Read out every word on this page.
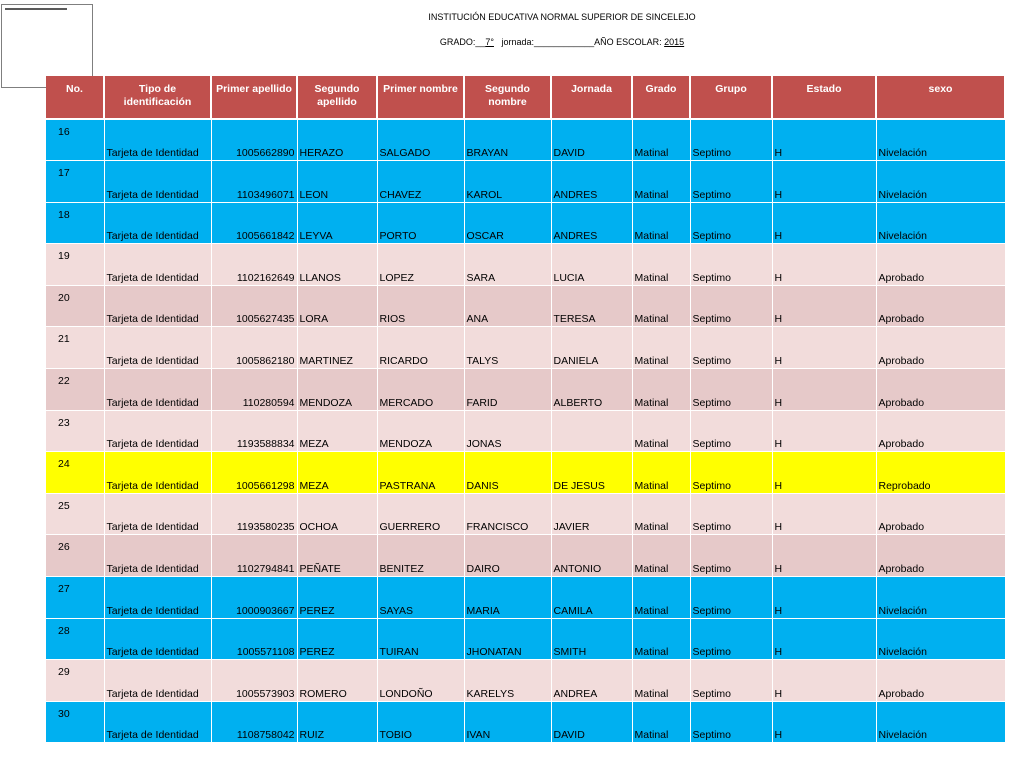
INSTITUCIÓN EDUCATIVA NORMAL SUPERIOR DE SINCELEJO
GRADO:__7° jornada:____________AÑO ESCOLAR: 2015
No.	Tipo de identificación	Primer apellido	Segundo apellido	Primer nombre	Segundo nombre	Jornada	Grado	Grupo	Estado	sexo
16	Tarjeta de Identidad	1005662890	HERAZO	SALGADO	BRAYAN	DAVID	Matinal	Septimo	H	Nivelación
17	Tarjeta de Identidad	1103496071	LEON	CHAVEZ	KAROL	ANDRES	Matinal	Septimo	H	Nivelación
18	Tarjeta de Identidad	1005661842	LEYVA	PORTO	OSCAR	ANDRES	Matinal	Septimo	H	Nivelación
19	Tarjeta de Identidad	1102162649	LLANOS	LOPEZ	SARA	LUCIA	Matinal	Septimo	H	Aprobado
20	Tarjeta de Identidad	1005627435	LORA	RIOS	ANA	TERESA	Matinal	Septimo	H	Aprobado
21	Tarjeta de Identidad	1005862180	MARTINEZ	RICARDO	TALYS	DANIELA	Matinal	Septimo	H	Aprobado
22	Tarjeta de Identidad	110280594	MENDOZA	MERCADO	FARID	ALBERTO	Matinal	Septimo	H	Aprobado
23	Tarjeta de Identidad	1193588834	MEZA	MENDOZA	JONAS		Matinal	Septimo	H	Aprobado
24	Tarjeta de Identidad	1005661298	MEZA	PASTRANA	DANIS	DE JESUS	Matinal	Septimo	H	Reprobado
25	Tarjeta de Identidad	1193580235	OCHOA	GUERRERO	FRANCISCO	JAVIER	Matinal	Septimo	H	Aprobado
26	Tarjeta de Identidad	1102794841	PEÑATE	BENITEZ	DAIRO	ANTONIO	Matinal	Septimo	H	Aprobado
27	Tarjeta de Identidad	1000903667	PEREZ	SAYAS	MARIA	CAMILA	Matinal	Septimo	H	Nivelación
28	Tarjeta de Identidad	1005571108	PEREZ	TUIRAN	JHONATAN	SMITH	Matinal	Septimo	H	Nivelación
29	Tarjeta de Identidad	1005573903	ROMERO	LONDOÑO	KARELYS	ANDREA	Matinal	Septimo	H	Aprobado
30	Tarjeta de Identidad	1108758042	RUIZ	TOBIO	IVAN	DAVID	Matinal	Septimo	H	Nivelación
